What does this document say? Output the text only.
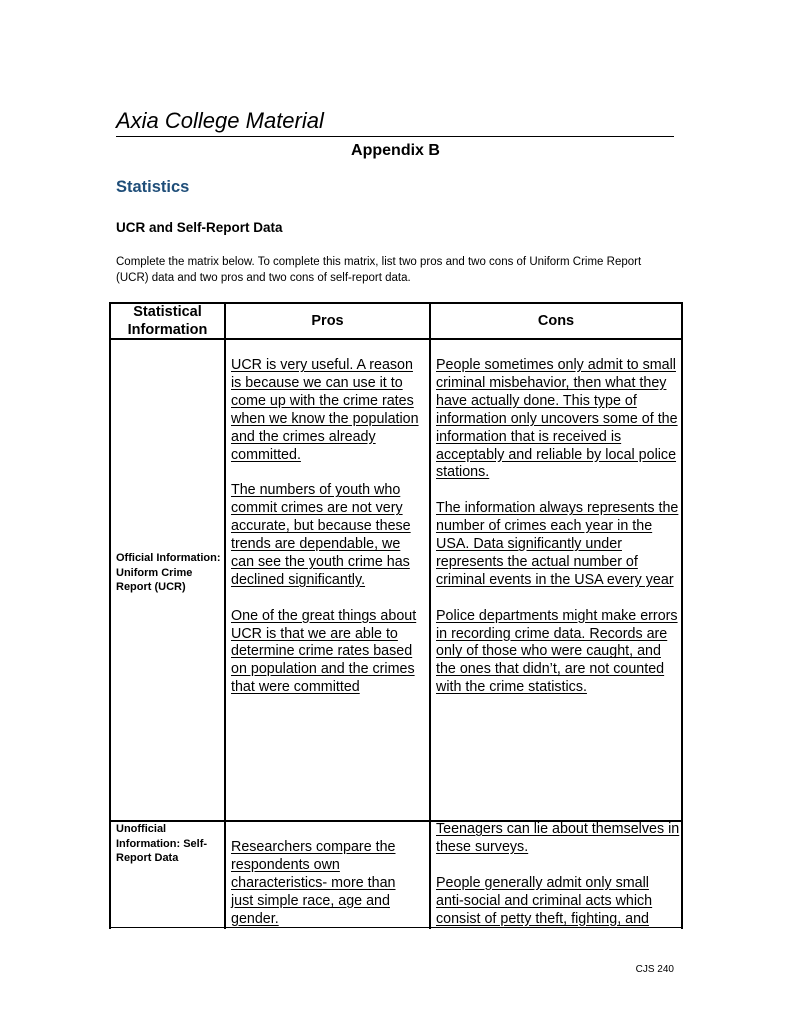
Axia College Material
Appendix B
Statistics
UCR and Self-Report Data
Complete the matrix below. To complete this matrix, list two pros and two cons of Uniform Crime Report (UCR) data and two pros and two cons of self-report data.
Statistical Information
Pros	Cons
Official Information: Uniform Crime Report (UCR)

UCR is very useful. A reason is because we can use it to come up with the crime rates when we know the population and the crimes already committed.

The numbers of youth who commit crimes are not very accurate, but because these trends are dependable, we can see the youth crime has declined significantly.

One of the great things about UCR is that we are able to determine crime rates based on population and the crimes that were committed

People sometimes only admit to small criminal misbehavior, then what they have actually done. This type of information only uncovers some of the information that is received is acceptably and reliable by local police stations.

The information always represents the number of crimes each year in the USA. Data significantly under represents the actual number of criminal events in the USA every year

Police departments might make errors in recording crime data. Records are only of those who were caught, and the ones that didn’t, are not counted with the crime statistics.

Unofficial Information: Self-Report Data

Researchers compare the respondents own characteristics- more than just simple race, age and gender.

Teenagers can lie about themselves in these surveys.

People generally admit only small anti-social and criminal acts which consist of petty theft, fighting, and

CJS 240
